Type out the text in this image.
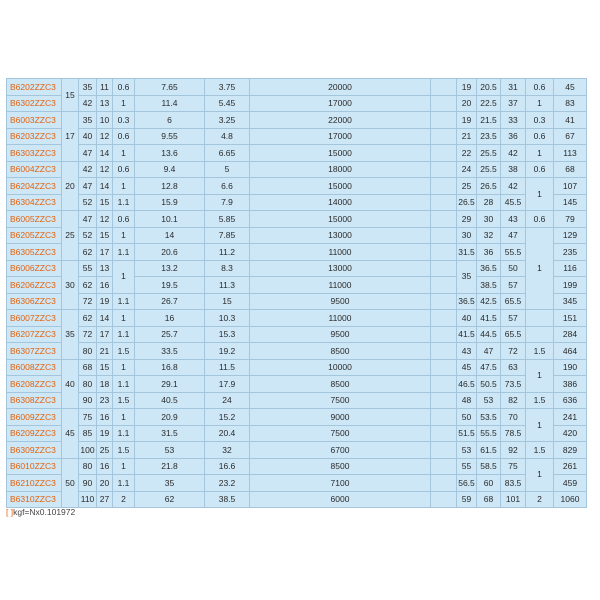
B6202ZZC3	15	35	11	0.6	7.65	3.75	20000		19	20.5	31	0.6	45
B6302ZZC3		42	13	1	11.4	5.45	17000		20	22.5	37	1	83
B6003ZZC3	17	35	10	0.3	6	3.25	22000		19	21.5	33	0.3	41
B6203ZZC3		40	12	0.6	9.55	4.8	17000		21	23.5	36	0.6	67
B6303ZZC3		47	14	1	13.6	6.65	15000		22	25.5	42	1	113
B6004ZZC3	20	42	12	0.6	9.4	5	18000		24	25.5	38	0.6	68
B6204ZZC3		47	14	1	12.8	6.6	15000		25	26.5	42	1	107
B6304ZZC3		52	15	1.1	15.9	7.9	14000		26.5	28	45.5		145
B6005ZZC3	25	47	12	0.6	10.1	5.85	15000		29	30	43	0.6	79
B6205ZZC3		52	15	1	14	7.85	13000		30	32	47	1	129
B6305ZZC3		62	17	1.1	20.6	11.2	11000		31.5	36	55.5		235
B6006ZZC3	30	55	13	1	13.2	8.3	13000		35	36.5	50		116
B6206ZZC3		62	16		19.5	11.3	11000			38.5	57		199
B6306ZZC3		72	19	1.1	26.7	15	9500		36.5	42.5	65.5		345
B6007ZZC3	35	62	14	1	16	10.3	11000		40	41.5	57		151
B6207ZZC3		72	17	1.1	25.7	15.3	9500		41.5	44.5	65.5		284
B6307ZZC3		80	21	1.5	33.5	19.2	8500		43	47	72	1.5	464
B6008ZZC3	40	68	15	1	16.8	11.5	10000		45	47.5	63	1	190
B6208ZZC3		80	18	1.1	29.1	17.9	8500		46.5	50.5	73.5		386
B6308ZZC3		90	23	1.5	40.5	24	7500		48	53	82	1.5	636
B6009ZZC3	45	75	16	1	20.9	15.2	9000		50	53.5	70	1	241
B6209ZZC3		85	19	1.1	31.5	20.4	7500		51.5	55.5	78.5		420
B6309ZZC3		100	25	1.5	53	32	6700		53	61.5	92	1.5	829
B6010ZZC3	50	80	16	1	21.8	16.6	8500		55	58.5	75	1	261
B6210ZZC3		90	20	1.1	35	23.2	7100		56.5	60	83.5		459
B6310ZZC3		110	27	2	62	38.5	6000		59	68	101	2	1060
[ ]kgf=Nx0.101972
